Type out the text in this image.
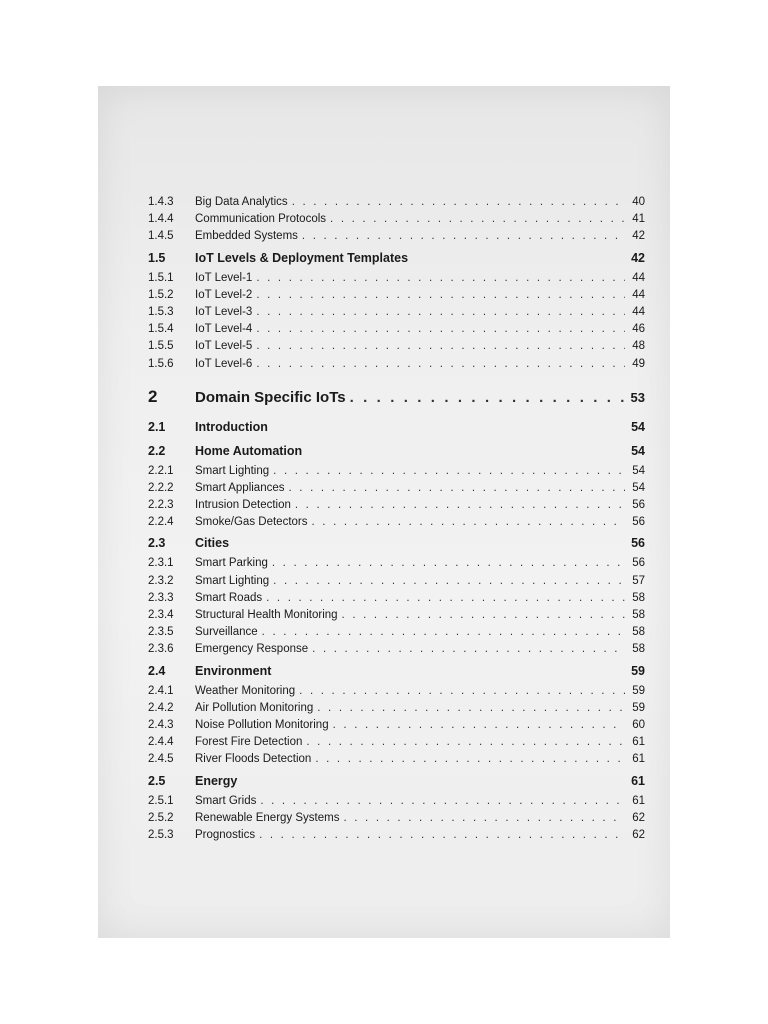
1.4.3	Big Data Analytics . . .	40
1.4.4	Communication Protocols . . .	41
1.4.5	Embedded Systems . . .	42
1.5	IoT Levels & Deployment Templates	42
1.5.1	IoT Level-1 . . .	44
1.5.2	IoT Level-2 . . .	44
1.5.3	IoT Level-3 . . .	44
1.5.4	IoT Level-4 . . .	46
1.5.5	IoT Level-5 . . .	48
1.5.6	IoT Level-6 . . .	49
2	Domain Specific IoTs . . .	53
2.1	Introduction	54
2.2	Home Automation	54
2.2.1	Smart Lighting . . .	54
2.2.2	Smart Appliances . . .	54
2.2.3	Intrusion Detection . . .	56
2.2.4	Smoke/Gas Detectors . . .	56
2.3	Cities	56
2.3.1	Smart Parking . . .	56
2.3.2	Smart Lighting . . .	57
2.3.3	Smart Roads . . .	58
2.3.4	Structural Health Monitoring . . .	58
2.3.5	Surveillance . . .	58
2.3.6	Emergency Response . . .	58
2.4	Environment	59
2.4.1	Weather Monitoring . . .	59
2.4.2	Air Pollution Monitoring . . .	59
2.4.3	Noise Pollution Monitoring . . .	60
2.4.4	Forest Fire Detection . . .	61
2.4.5	River Floods Detection . . .	61
2.5	Energy	61
2.5.1	Smart Grids . . .	61
2.5.2	Renewable Energy Systems . . .	62
2.5.3	Prognostics . . .	62
